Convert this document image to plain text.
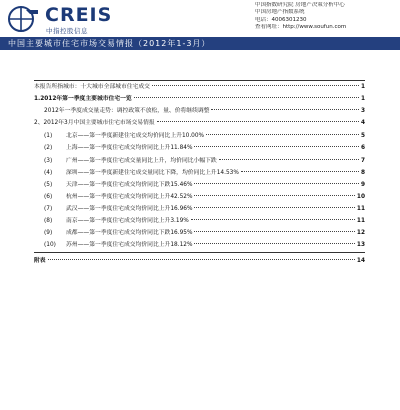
CREIS
中指控股信息
中国指数研究院 房地产决策分析中心
中国房地产指数系统
电话：4006301230
查看网址：http://www.soufun.com
中国主要城市住宅市场交易情报（2012年1-3月）
本报告所指城市：十大城市全部城市住宅成交	1
1.2012年第一季度主要城市住宅一览	1
2012年一季度成交量走势：调控政策不放松，量、价将继续调整	3
2、2012年3月中国主要城市住宅市场交易情报	4
(1) 北京——第一季度新建住宅成交均价同比上升10.00%	5
(2) 上海——第一季度住宅成交均价同比上升11.84%	6
(3) 广州——第一季度住宅成交量同比上升，均价同比小幅下跌	7
(4) 深圳——第一季度新建住宅成交量同比下降，均价同比上升14.53%	8
(5) 天津——第一季度住宅成交均价同比下跌15.46%	9
(6) 杭州——第一季度住宅成交均价同比上升42.52%	10
(7) 武汉——第一季度住宅成交均价同比上升16.96%	11
(8) 南京——第一季度住宅成交均价同比上升3.19%	11
(9) 成都——第一季度住宅成交均价同比下跌16.95%	12
(10) 苏州——第一季度住宅成交均价同比上升18.12%	13
附表	14
